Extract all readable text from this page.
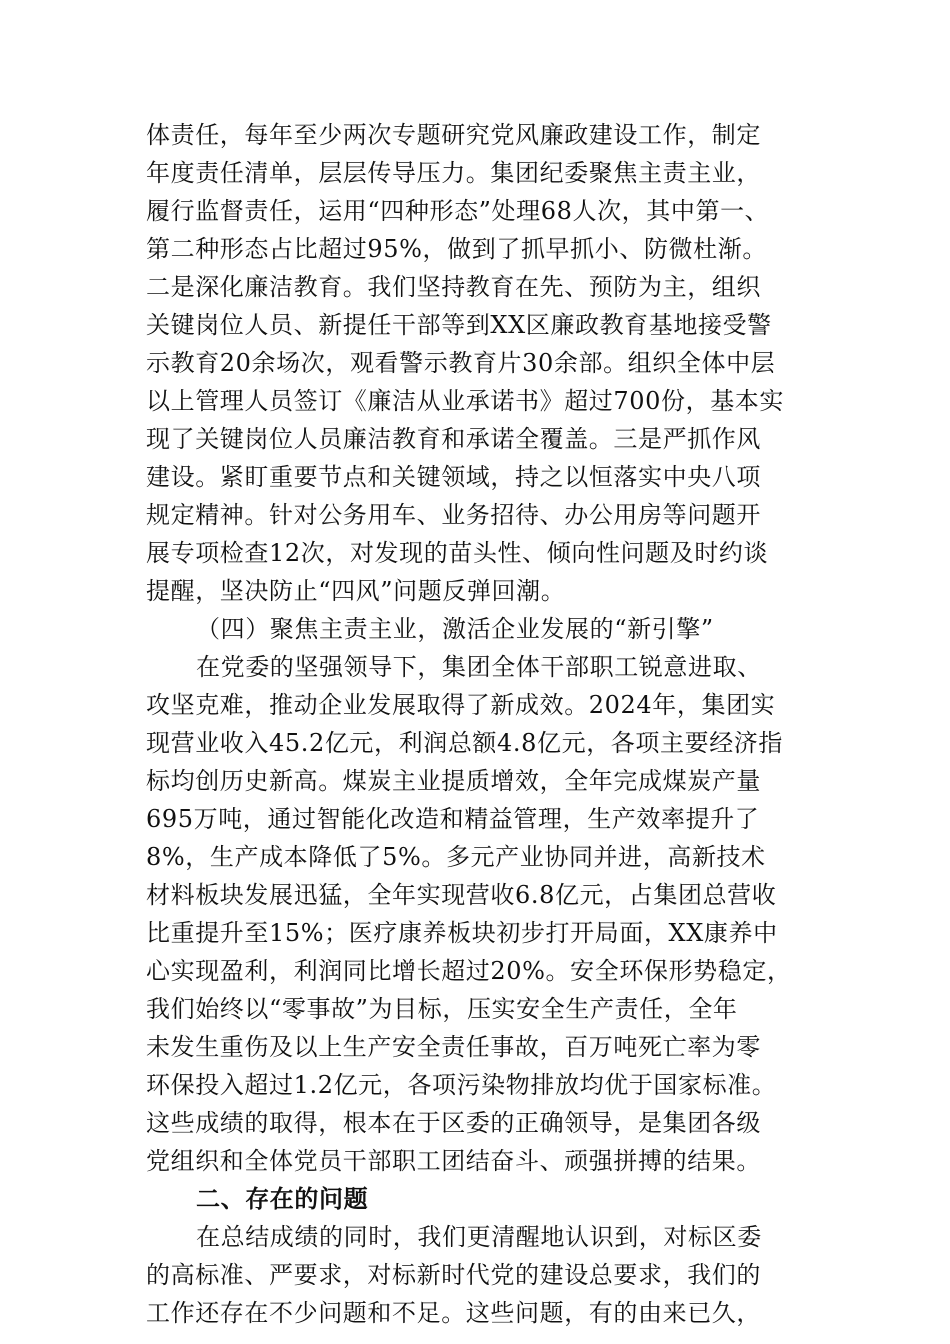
体责任，每年至少两次专题研究党风廉政建设工作，制定
年度责任清单，层层传导压力。集团纪委聚焦主责主业，
履行监督责任，运用“四种形态”处理68人次，其中第一、
第二种形态占比超过95%，做到了抓早抓小、防微杜渐。
二是深化廉洁教育。我们坚持教育在先、预防为主，组织
关键岗位人员、新提任干部等到XX区廉政教育基地接受警
示教育20余场次，观看警示教育片30余部。组织全体中层
以上管理人员签订《廉洁从业承诺书》超过700份，基本实
现了关键岗位人员廉洁教育和承诺全覆盖。三是严抓作风
建设。紧盯重要节点和关键领域，持之以恒落实中央八项
规定精神。针对公务用车、业务招待、办公用房等问题开
展专项检查12次，对发现的苗头性、倾向性问题及时约谈
提醒，坚决防止“四风”问题反弹回潮。
（四）聚焦主责主业，激活企业发展的“新引擎”
在党委的坚强领导下，集团全体干部职工锐意进取、
攻坚克难，推动企业发展取得了新成效。2024年，集团实
现营业收入45.2亿元，利润总额4.8亿元，各项主要经济指
标均创历史新高。煤炭主业提质增效，全年完成煤炭产量
695万吨，通过智能化改造和精益管理，生产效率提升了
8%，生产成本降低了5%。多元产业协同并进，高新技术
材料板块发展迅猛，全年实现营收6.8亿元，占集团总营收
比重提升至15%；医疗康养板块初步打开局面，XX康养中
心实现盈利，利润同比增长超过20%。安全环保形势稳定，
我们始终以“零事故”为目标，压实安全生产责任，全年
未发生重伤及以上生产安全责任事故，百万吨死亡率为零
环保投入超过1.2亿元，各项污染物排放均优于国家标准。
这些成绩的取得，根本在于区委的正确领导，是集团各级
党组织和全体党员干部职工团结奋斗、顽强拼搏的结果。
二、存在的问题
在总结成绩的同时，我们更清醒地认识到，对标区委
的高标准、严要求，对标新时代党的建设总要求，我们的
工作还存在不少问题和不足。这些问题，有的由来已久，
